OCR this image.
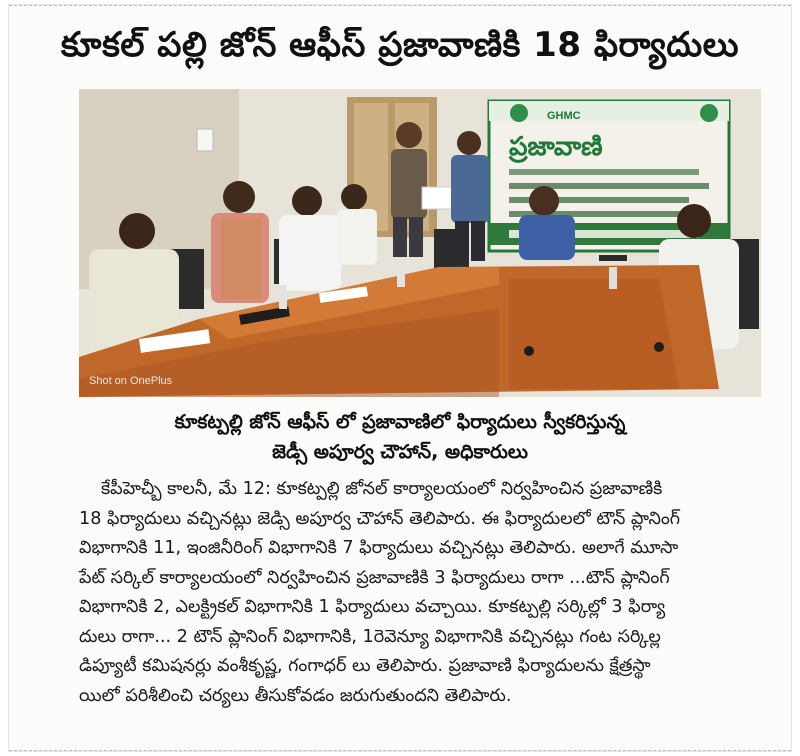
కూకల్ పల్లి జోన్ ఆఫీస్ ప్రజావాణికి 18 ఫిర్యాదులు
GHMC
ప్రజావాణి
Shot on OnePlus
కూకట్పల్లి జోన్ ఆఫీస్ లో ప్రజావాణిలో ఫిర్యాదులు స్వీకరిస్తున్న
జెడ్సీ అపూర్వ చౌహాన్, అధికారులు
కేపీహెచ్బీ కాలనీ, మే 12: కూకట్పల్లి జోనల్ కార్యాలయంలో నిర్వహించిన ప్రజావాణికి
18 ఫిర్యాదులు వచ్చినట్లు జెడ్సి అపూర్వ చౌహాన్ తెలిపారు. ఈ ఫిర్యాదులలో టౌన్ ప్లానింగ్
విభాగానికి 11, ఇంజినీరింగ్ విభాగానికి 7 ఫిర్యాదులు వచ్చినట్లు తెలిపారు. అలాగే మూసా
పేట్ సర్కిల్ కార్యాలయంలో నిర్వహించిన ప్రజావాణికి 3 ఫిర్యాదులు రాగా ...టౌన్ ప్లానింగ్
విభాగానికి 2, ఎలక్ట్రికల్ విభాగానికి 1 ఫిర్యాదులు వచ్చాయి. కూకట్పల్లి సర్కిల్లో 3 ఫిర్యా
దులు రాగా... 2 టౌన్ ప్లానింగ్ విభాగానికి, 1రెవెన్యూ విభాగానికి వచ్చినట్లు గంట సర్కిల్ల
డిప్యూటీ కమిషనర్లు వంశీకృష్ణ, గంగాధర్ లు తెలిపారు. ప్రజావాణి ఫిర్యాదులను క్షేత్రస్థా
యిలో పరిశీలించి చర్యలు తీసుకోవడం జరుగుతుందని తెలిపారు.
